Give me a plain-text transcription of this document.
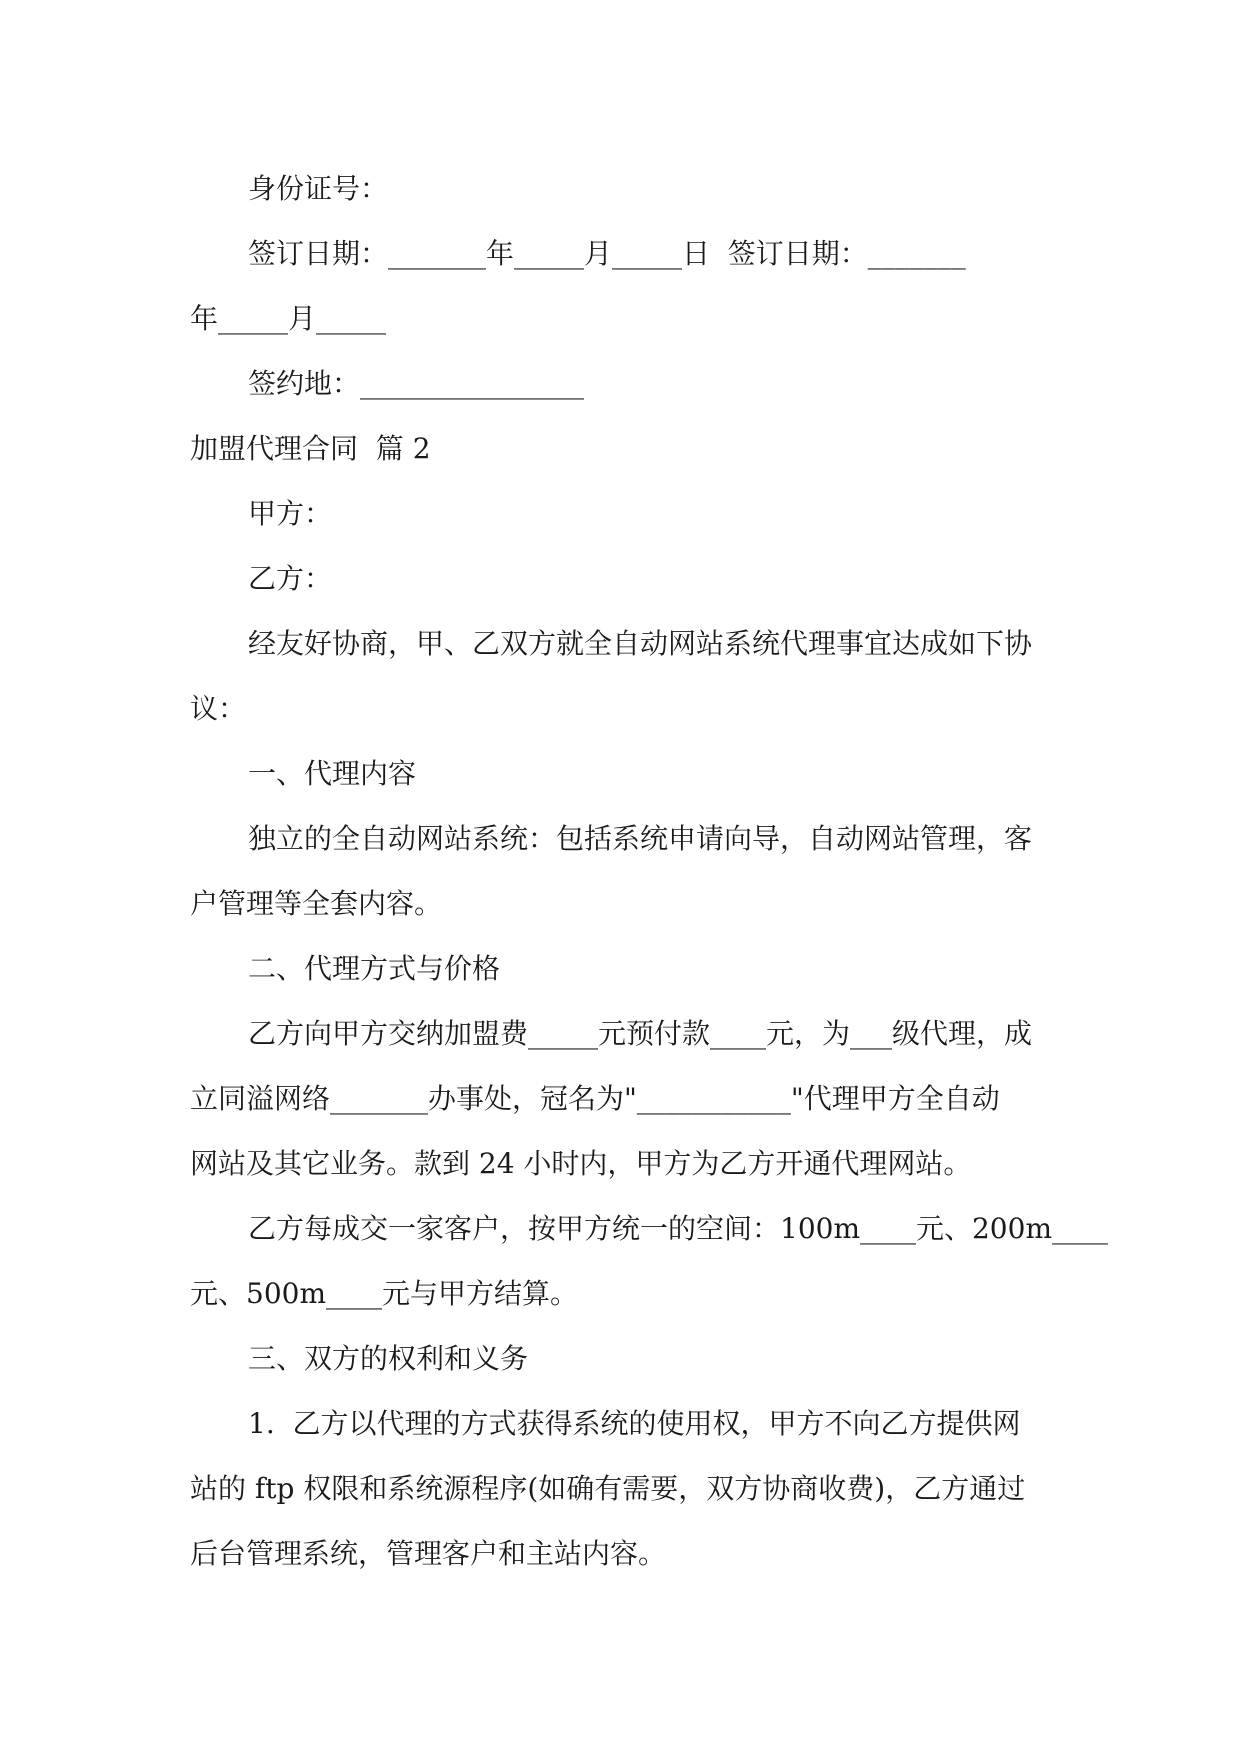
身份证号：
签订日期：_______年_____月_____日  签订日期：_______
年_____月_____
签约地：________________
加盟代理合同  篇 2
甲方：
乙方：
经友好协商，甲、乙双方就全自动网站系统代理事宜达成如下协
议：
一、代理内容
独立的全自动网站系统：包括系统申请向导，自动网站管理，客
户管理等全套内容。
二、代理方式与价格
乙方向甲方交纳加盟费_____元预付款____元，为___级代理，成
立同溢网络_______办事处，冠名为"___________"代理甲方全自动
网站及其它业务。款到 24 小时内，甲方为乙方开通代理网站。
乙方每成交一家客户，按甲方统一的空间：100m____元、200m____
元、500m____元与甲方结算。
三、双方的权利和义务
1.  乙方以代理的方式获得系统的使用权，甲方不向乙方提供网
站的 ftp 权限和系统源程序(如确有需要，双方协商收费)，乙方通过
后台管理系统，管理客户和主站内容。
